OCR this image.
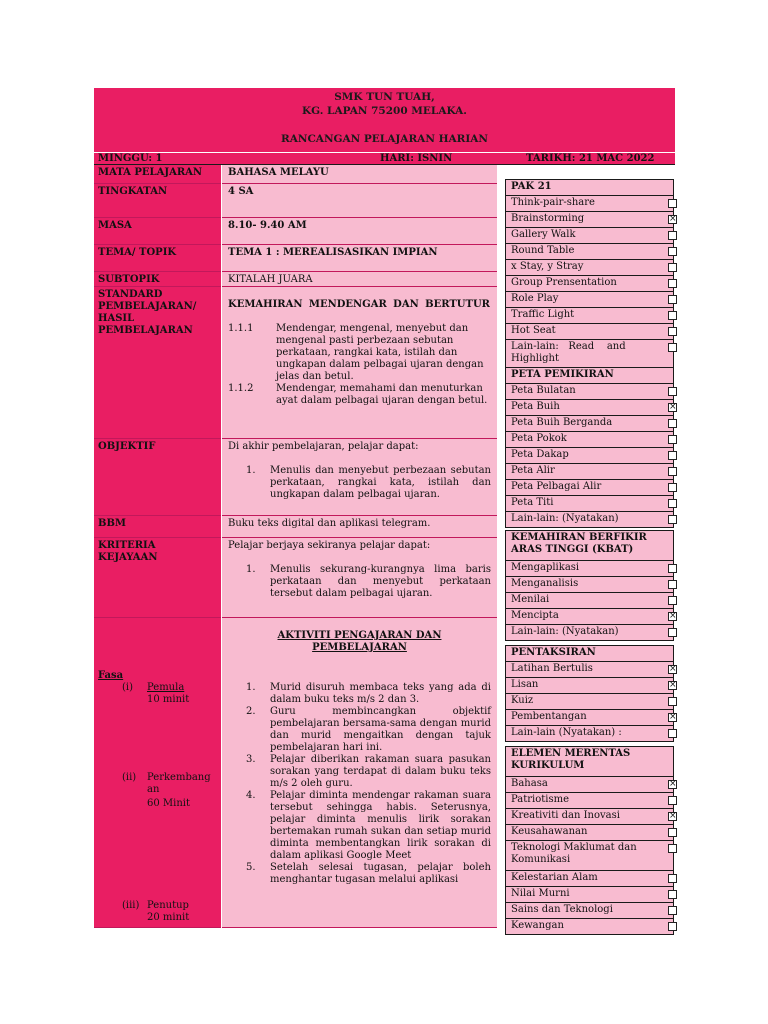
SMK TUN TUAH,
KG. LAPAN 75200 MELAKA.
RANCANGAN PELAJARAN HARIAN
MINGGU: 1	HARI: ISNIN	TARIKH: 21 MAC 2022
MATA PELAJARAN
TINGKATAN
MASA
TEMA/ TOPIK
SUBTOPIK
STANDARD PEMBELAJARAN/ HASIL PEMBELAJARAN
OBJEKTIF
BBM
KRITERIA KEJAYAAN
Fasa
(i) Pemula
10 minit
(ii) Perkembangan
60 Minit
(iii) Penutup
20 minit
BAHASA MELAYU
4 SA
8.10- 9.40 AM
TEMA 1 : MEREALISASIKAN IMPIAN
KITALAH JUARA
KEMAHIRAN MENDENGAR DAN BERTUTUR
1.1.1 Mendengar, mengenal, menyebut dan mengenal pasti perbezaan sebutan perkataan, rangkai kata, istilah dan ungkapan dalam pelbagai ujaran dengan jelas dan betul.
1.1.2 Mendengar, memahami dan menuturkan ayat dalam pelbagai ujaran dengan betul.
Di akhir pembelajaran, pelajar dapat:
1. Menulis dan menyebut perbezaan sebutan perkataan, rangkai kata, istilah dan ungkapan dalam pelbagai ujaran.
Buku teks digital dan aplikasi telegram.
Pelajar berjaya sekiranya pelajar dapat:
1. Menulis sekurang-kurangnya lima baris perkataan dan menyebut perkataan tersebut dalam pelbagai ujaran.
AKTIVITI PENGAJARAN DAN PEMBELAJARAN
1. Murid disuruh membaca teks yang ada di dalam buku teks m/s 2 dan 3.
2. Guru membincangkan objektif pembelajaran bersama-sama dengan murid dan murid mengaitkan dengan tajuk pembelajaran hari ini.
3. Pelajar diberikan rakaman suara pasukan sorakan yang terdapat di dalam buku teks m/s 2 oleh guru.
4. Pelajar diminta mendengar rakaman suara tersebut sehingga habis. Seterusnya, pelajar diminta menulis lirik sorakan bertemakan rumah sukan dan setiap murid diminta membentangkan lirik sorakan di dalam aplikasi Google Meet
5. Setelah selesai tugasan, pelajar boleh menghantar tugasan melalui aplikasi
PAK 21
Think-pair-share
Brainstorming
×
Gallery Walk
Round Table
x Stay, y Stray
Group Prensentation
Role Play
Traffic Light
Hot Seat
Lain-lain:   Read    and Highlight
PETA PEMIKIRAN
Peta Bulatan
Peta Buih
×
Peta Buih Berganda
Peta Pokok
Peta Dakap
Peta Alir
Peta Pelbagai Alir
Peta Titi
Lain-lain: (Nyatakan)
KEMAHIRAN BERFIKIR ARAS TINGGI (KBAT)
Mengaplikasi
Menganalisis
Menilai
Mencipta
×
Lain-lain: (Nyatakan)
PENTAKSIRAN
Latihan Bertulis
×
Lisan
×
Kuiz
Pembentangan
×
Lain-lain (Nyatakan) :
ELEMEN MERENTAS KURIKULUM
Bahasa
×
Patriotisme
Kreativiti dan Inovasi
×
Keusahawanan
Teknologi Maklumat dan Komunikasi
Kelestarian Alam
Nilai Murni
Sains dan Teknologi
Kewangan
